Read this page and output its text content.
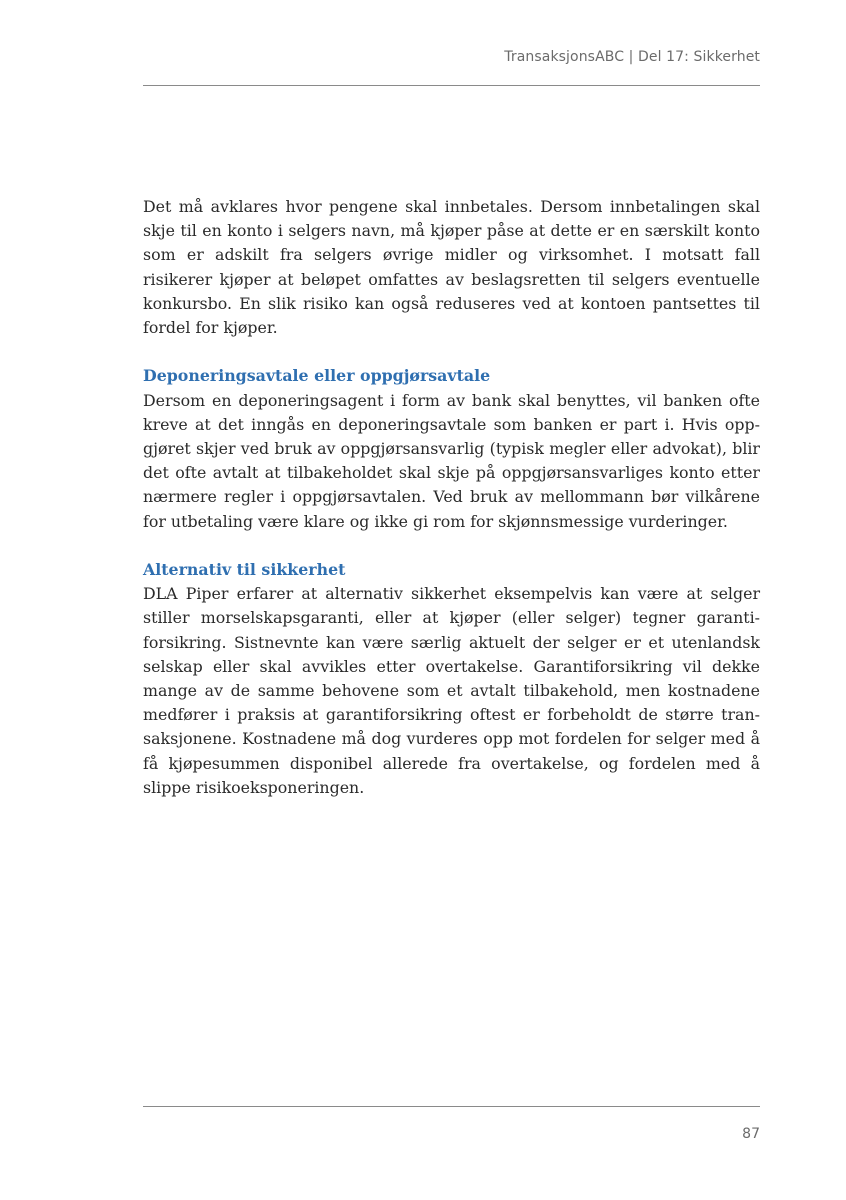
TransaksjonsABC | Del 17: Sikkerhet

Det må avklares hvor pengene skal innbetales. Dersom innbetalingen skal skje til en konto i selgers navn, må kjøper påse at dette er en særskilt konto som er adskilt fra selgers øvrige midler og virksomhet. I motsatt fall risikerer kjøper at beløpet omfattes av beslagsretten til selgers eventuelle konkursbo. En slik risiko kan også reduseres ved at kontoen pantsettes til fordel for kjøper.

Deponeringsavtale eller oppgjørsavtale

Dersom en deponeringsagent i form av bank skal benyttes, vil banken ofte kreve at det inngås en deponeringsavtale som banken er part i. Hvis oppgjøret skjer ved bruk av oppgjørsansvarlig (typisk megler eller advokat), blir det ofte avtalt at tilbakeholdet skal skje på oppgjørsansvarliges konto etter nærmere regler i oppgjørsavtalen. Ved bruk av mellommann bør vilkårene for utbetaling være klare og ikke gi rom for skjønnsmessige vurderinger.

Alternativ til sikkerhet

DLA Piper erfarer at alternativ sikkerhet eksempelvis kan være at selger stiller morselskapsgaranti, eller at kjøper (eller selger) tegner garantiforsikring. Sistnevnte kan være særlig aktuelt der selger er et utenlandsk selskap eller skal avvikles etter overtakelse. Garantiforsikring vil dekke mange av de samme behovene som et avtalt tilbakehold, men kostnadene medfører i praksis at garantiforsikring oftest er forbeholdt de større transaksjonene. Kostnadene må dog vurderes opp mot fordelen for selger med å få kjøpesummen disponibel allerede fra overtakelse, og fordelen med å slippe risikoeksponeringen.

87
